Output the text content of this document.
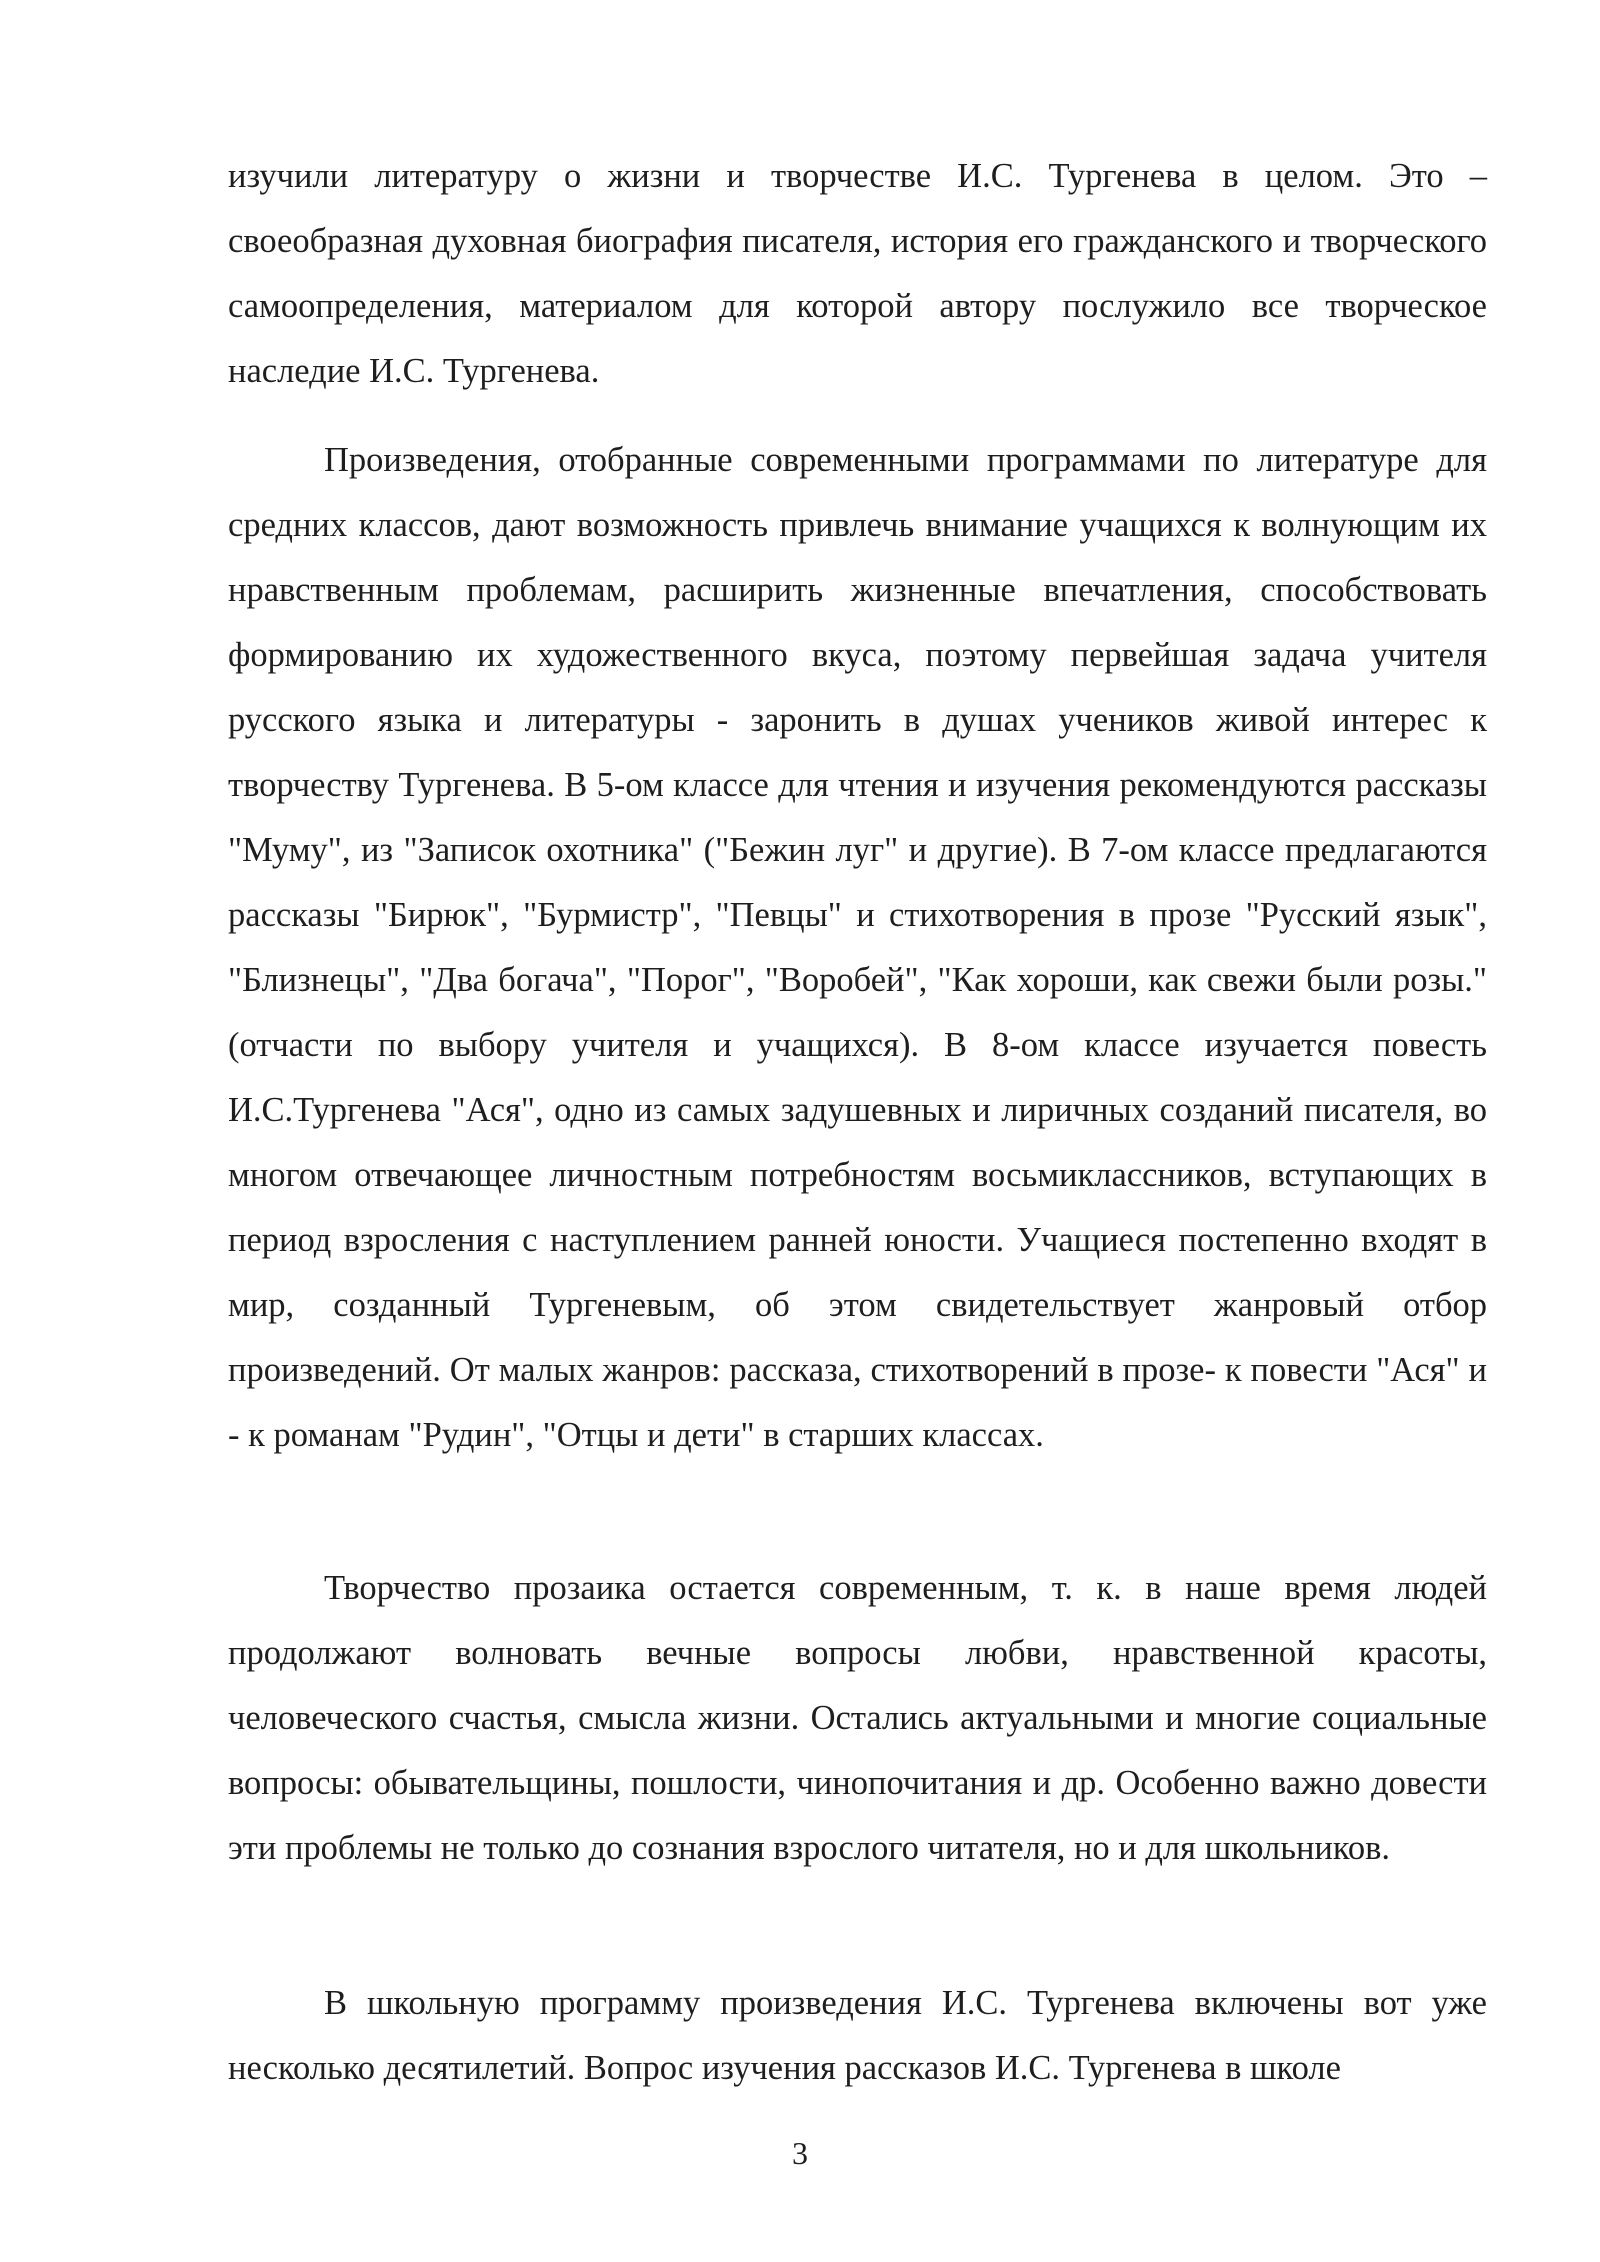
изучили литературу о жизни и творчестве И.С. Тургенева в целом. Это – своеобразная духовная биография писателя, история его гражданского и творческого самоопределения, материалом для которой автору послужило все творческое наследие И.С. Тургенева.

Произведения, отобранные современными программами по литературе для средних классов, дают возможность привлечь внимание учащихся к волнующим их нравственным проблемам, расширить жизненные впечатления, способствовать формированию их художественного вкуса, поэтому первейшая задача учителя русского языка и литературы - заронить в душах учеников живой интерес к творчеству Тургенева. В 5-ом классе для чтения и изучения рекомендуются рассказы "Муму", из "Записок охотника" ("Бежин луг" и другие). В 7-ом классе предлагаются рассказы "Бирюк", "Бурмистр", "Певцы" и стихотворения в прозе "Русский язык", "Близнецы", "Два богача", "Порог", "Воробей", "Как хороши, как свежи были розы." (отчасти по выбору учителя и учащихся). В 8-ом классе изучается повесть И.С.Тургенева "Ася", одно из самых задушевных и лиричных созданий писателя, во многом отвечающее личностным потребностям восьмиклассников, вступающих в период взросления с наступлением ранней юности. Учащиеся постепенно входят в мир, созданный Тургеневым, об этом свидетельствует жанровый отбор произведений. От малых жанров: рассказа, стихотворений в прозе- к повести "Ася" и - к романам "Рудин", "Отцы и дети" в старших классах.

Творчество прозаика остается современным, т. к. в наше время людей продолжают волновать вечные вопросы любви, нравственной красоты, человеческого счастья, смысла жизни. Остались актуальными и многие социальные вопросы: обывательщины, пошлости, чинопочитания и др. Особенно важно довести эти проблемы не только до сознания взрослого читателя, но и для школьников.

В школьную программу произведения И.С. Тургенева включены вот уже несколько десятилетий. Вопрос изучения рассказов И.С. Тургенева в школе

3
